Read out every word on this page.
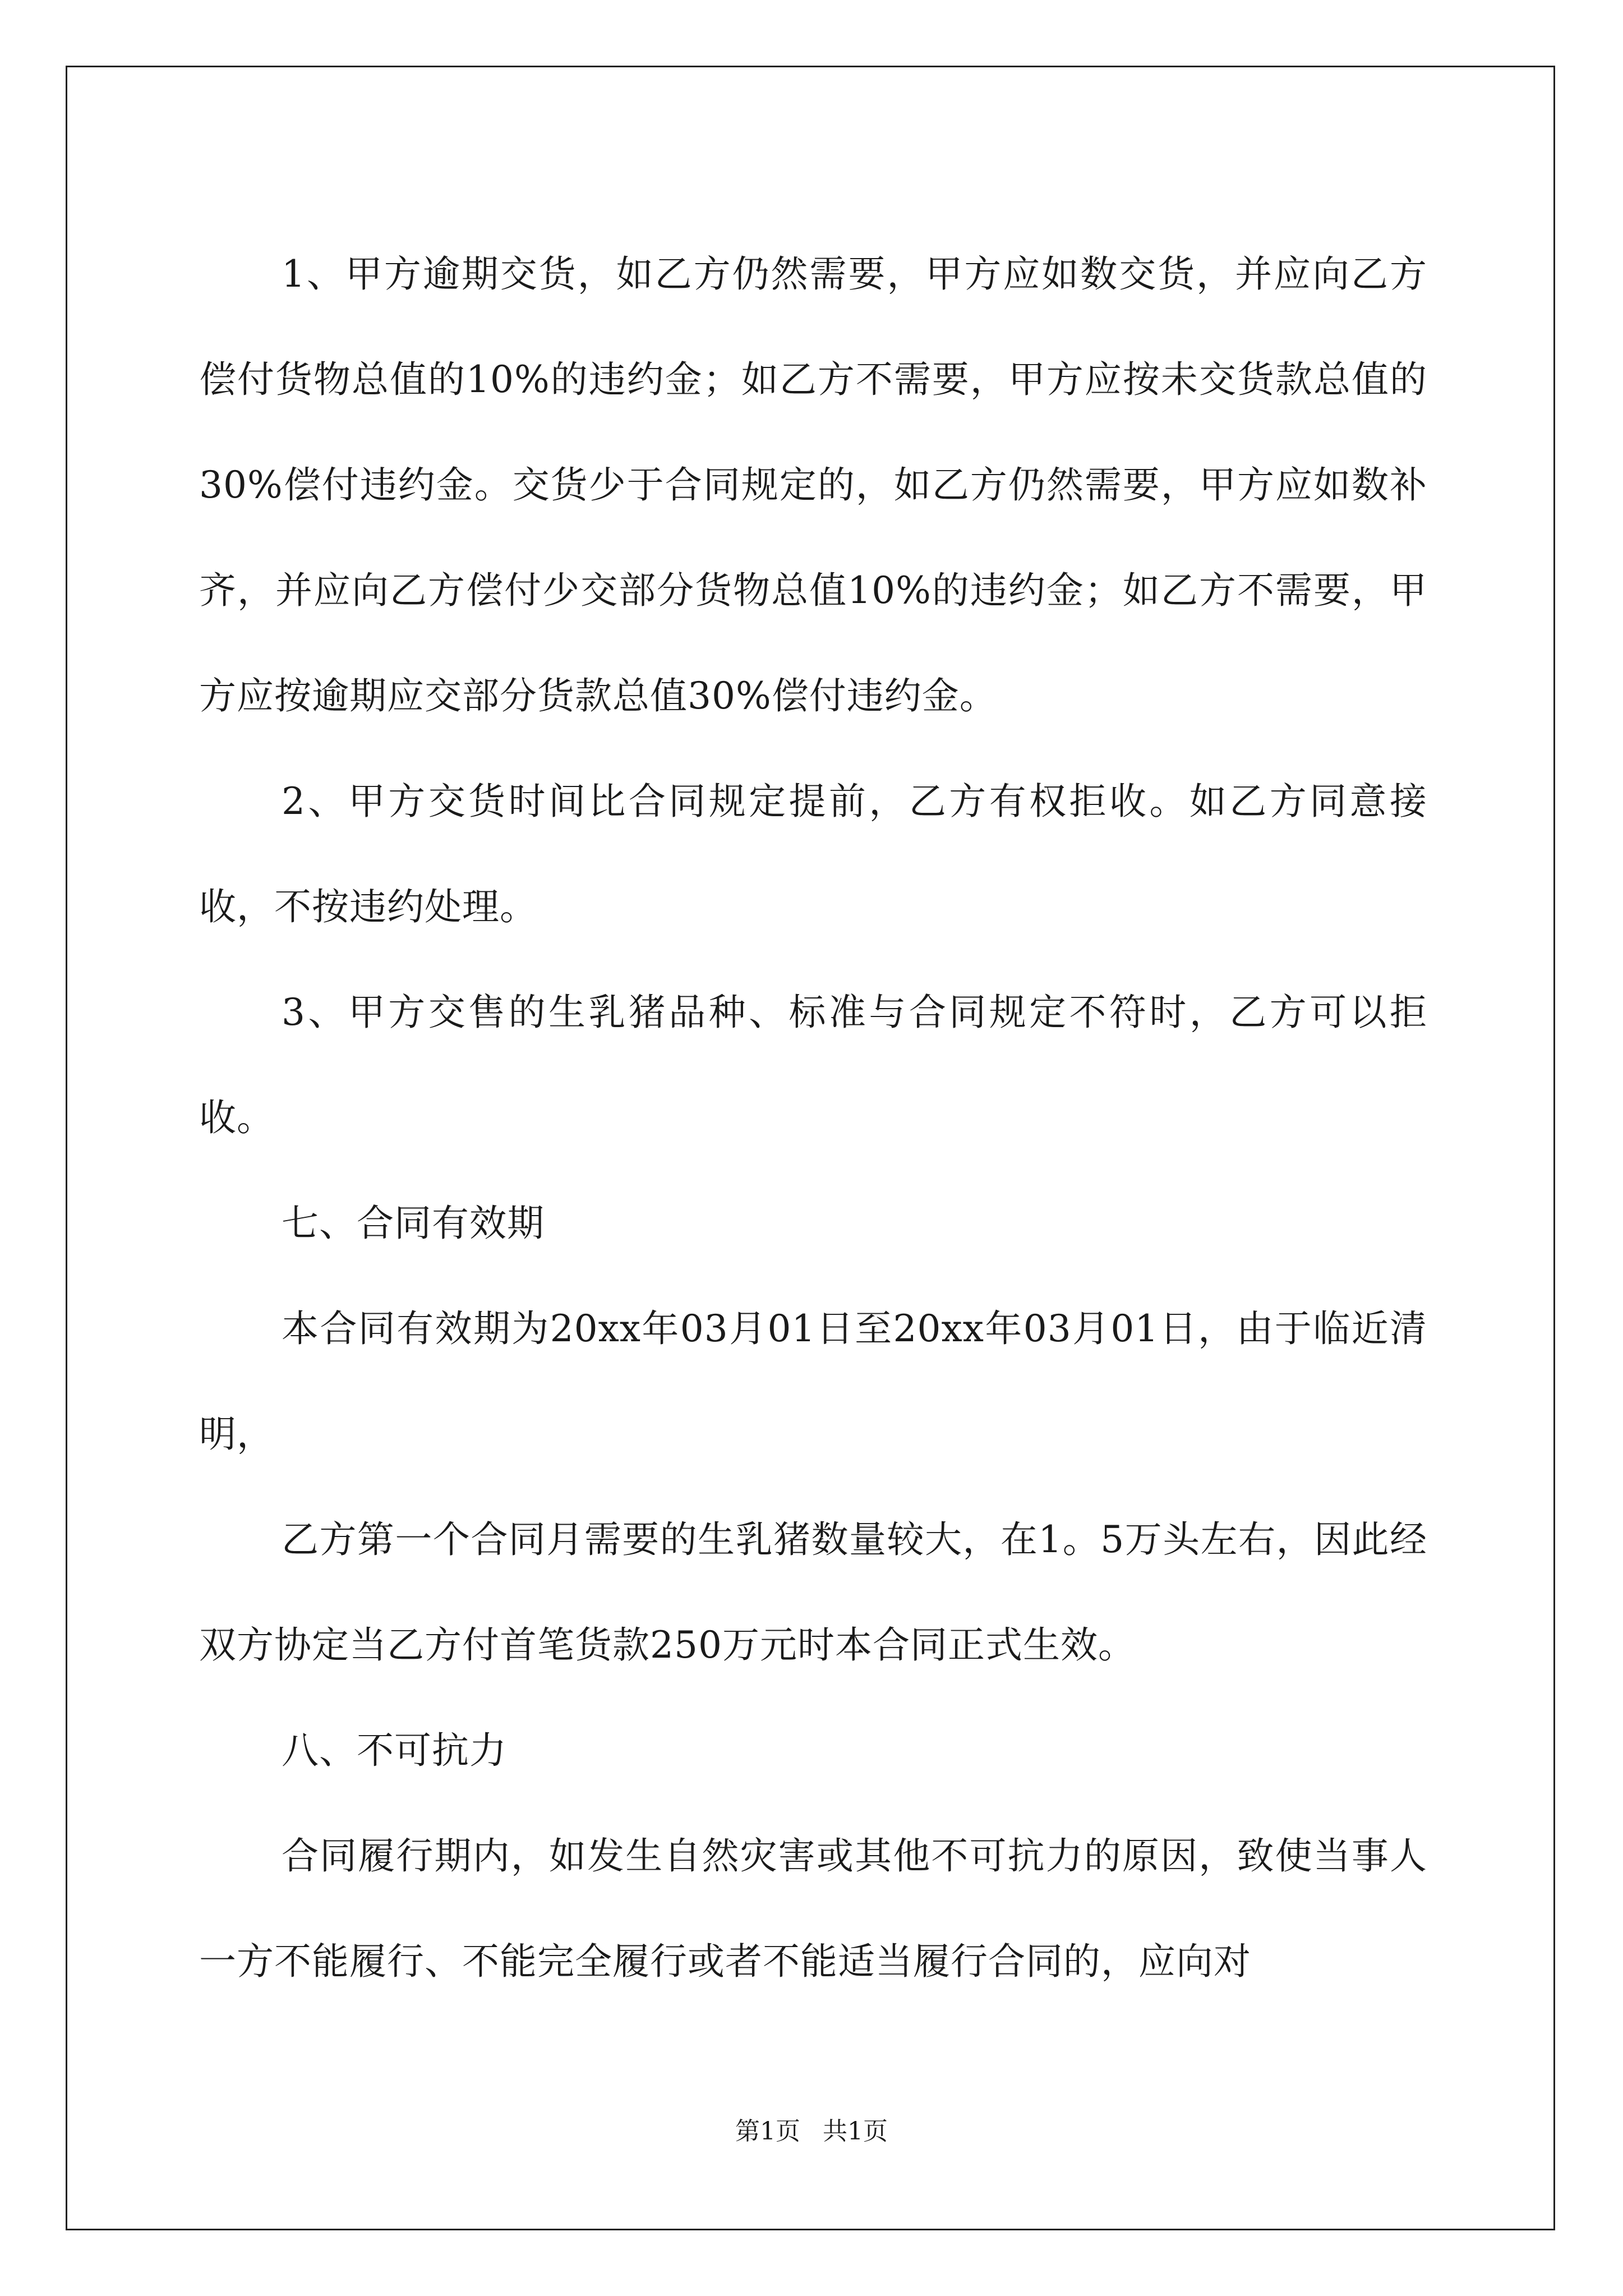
1、甲方逾期交货，如乙方仍然需要，甲方应如数交货，并应向乙方偿付货物总值的10%的违约金；如乙方不需要，甲方应按未交货款总值的30%偿付违约金。交货少于合同规定的，如乙方仍然需要，甲方应如数补齐，并应向乙方偿付少交部分货物总值10%的违约金；如乙方不需要，甲方应按逾期应交部分货款总值30%偿付违约金。

2、甲方交货时间比合同规定提前，乙方有权拒收。如乙方同意接收，不按违约处理。

3、甲方交售的生乳猪品种、标准与合同规定不符时，乙方可以拒收。

七、合同有效期

本合同有效期为20xx年03月01日至20xx年03月01日，由于临近清明，

乙方第一个合同月需要的生乳猪数量较大，在1。5万头左右，因此经双方协定当乙方付首笔货款250万元时本合同正式生效。

八、不可抗力

合同履行期内，如发生自然灾害或其他不可抗力的原因，致使当事人一方不能履行、不能完全履行或者不能适当履行合同的，应向对

第1页 共1页
